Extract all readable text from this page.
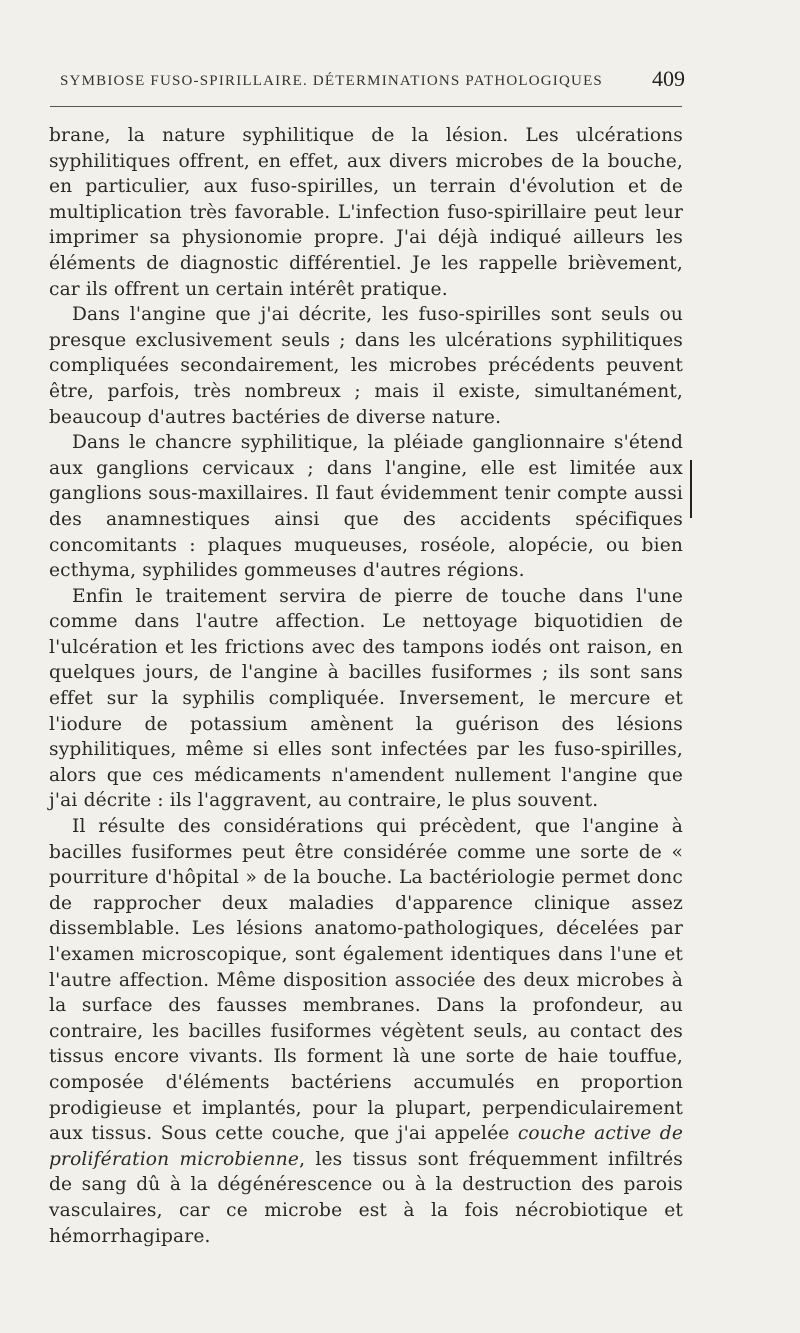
SYMBIOSE FUSO-SPIRILLAIRE. DÉTERMINATIONS PATHOLOGIQUES 409

brane, la nature syphilitique de la lésion. Les ulcérations syphilitiques offrent, en effet, aux divers microbes de la bouche, en particulier, aux fuso-spirilles, un terrain d'évolution et de multiplication très favorable. L'infection fuso-spirillaire peut leur imprimer sa physionomie propre. J'ai déjà indiqué ailleurs les éléments de diagnostic différentiel. Je les rappelle brièvement, car ils offrent un certain intérêt pratique.

Dans l'angine que j'ai décrite, les fuso-spirilles sont seuls ou presque exclusivement seuls ; dans les ulcérations syphilitiques compliquées secondairement, les microbes précédents peuvent être, parfois, très nombreux ; mais il existe, simultanément, beaucoup d'autres bactéries de diverse nature.

Dans le chancre syphilitique, la pléiade ganglionnaire s'étend aux ganglions cervicaux ; dans l'angine, elle est limitée aux ganglions sous-maxillaires. Il faut évidemment tenir compte aussi des anamnestiques ainsi que des accidents spécifiques concomitants : plaques muqueuses, roséole, alopécie, ou bien ecthyma, syphilides gommeuses d'autres régions.

Enfin le traitement servira de pierre de touche dans l'une comme dans l'autre affection. Le nettoyage biquotidien de l'ulcération et les frictions avec des tampons iodés ont raison, en quelques jours, de l'angine à bacilles fusiformes ; ils sont sans effet sur la syphilis compliquée. Inversement, le mercure et l'iodure de potassium amènent la guérison des lésions syphilitiques, même si elles sont infectées par les fuso-spirilles, alors que ces médicaments n'amendent nullement l'angine que j'ai décrite : ils l'aggravent, au contraire, le plus souvent.

Il résulte des considérations qui précèdent, que l'angine à bacilles fusiformes peut être considérée comme une sorte de « pourriture d'hôpital » de la bouche. La bactériologie permet donc de rapprocher deux maladies d'apparence clinique assez dissemblable. Les lésions anatomo-pathologiques, décelées par l'examen microscopique, sont également identiques dans l'une et l'autre affection. Même disposition associée des deux microbes à la surface des fausses membranes. Dans la profondeur, au contraire, les bacilles fusiformes végètent seuls, au contact des tissus encore vivants. Ils forment là une sorte de haie touffue, composée d'éléments bactériens accumulés en proportion prodigieuse et implantés, pour la plupart, perpendiculairement aux tissus. Sous cette couche, que j'ai appelée couche active de prolifération microbienne, les tissus sont fréquemment infiltrés de sang dû à la dégénérescence ou à la destruction des parois vasculaires, car ce microbe est à la fois nécrobiotique et hémorrhagipare.
